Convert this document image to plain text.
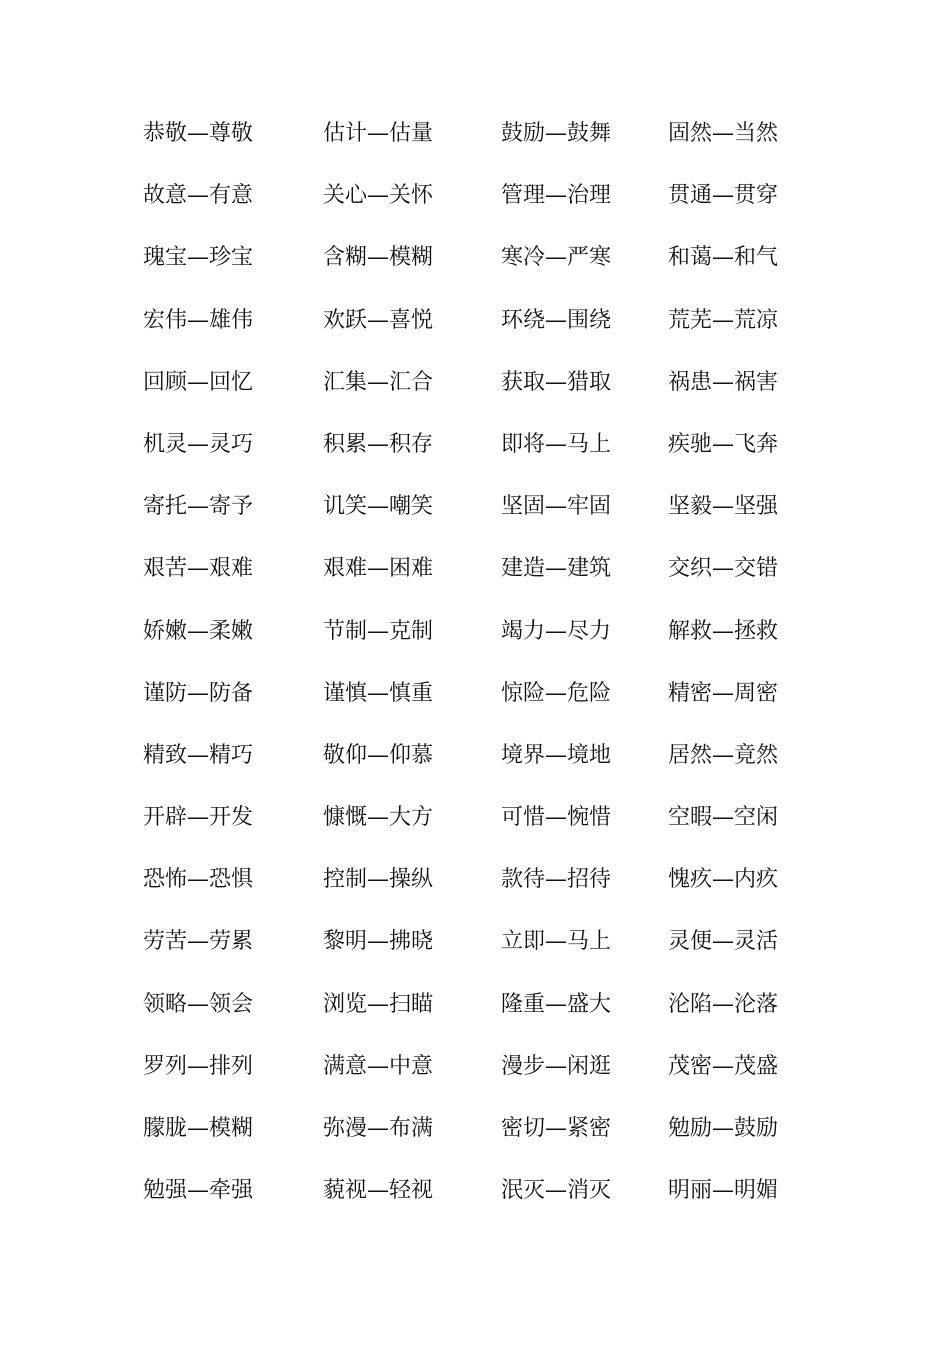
恭敬—尊敬	估计—估量	鼓励—鼓舞	固然—当然
故意—有意	关心—关怀	管理—治理	贯通—贯穿
瑰宝—珍宝	含糊—模糊	寒冷—严寒	和蔼—和气
宏伟—雄伟	欢跃—喜悦	环绕—围绕	荒芜—荒凉
回顾—回忆	汇集—汇合	获取—猎取	祸患—祸害
机灵—灵巧	积累—积存	即将—马上	疾驰—飞奔
寄托—寄予	讥笑—嘲笑	坚固—牢固	坚毅—坚强
艰苦—艰难	艰难—困难	建造—建筑	交织—交错
娇嫩—柔嫩	节制—克制	竭力—尽力	解救—拯救
谨防—防备	谨慎—慎重	惊险—危险	精密—周密
精致—精巧	敬仰—仰慕	境界—境地	居然—竟然
开辟—开发	慷慨—大方	可惜—惋惜	空暇—空闲
恐怖—恐惧	控制—操纵	款待—招待	愧疚—内疚
劳苦—劳累	黎明—拂晓	立即—马上	灵便—灵活
领略—领会	浏览—扫瞄	隆重—盛大	沦陷—沦落
罗列—排列	满意—中意	漫步—闲逛	茂密—茂盛
朦胧—模糊	弥漫—布满	密切—紧密	勉励—鼓励
勉强—牵强	藐视—轻视	泯灭—消灭	明丽—明媚
